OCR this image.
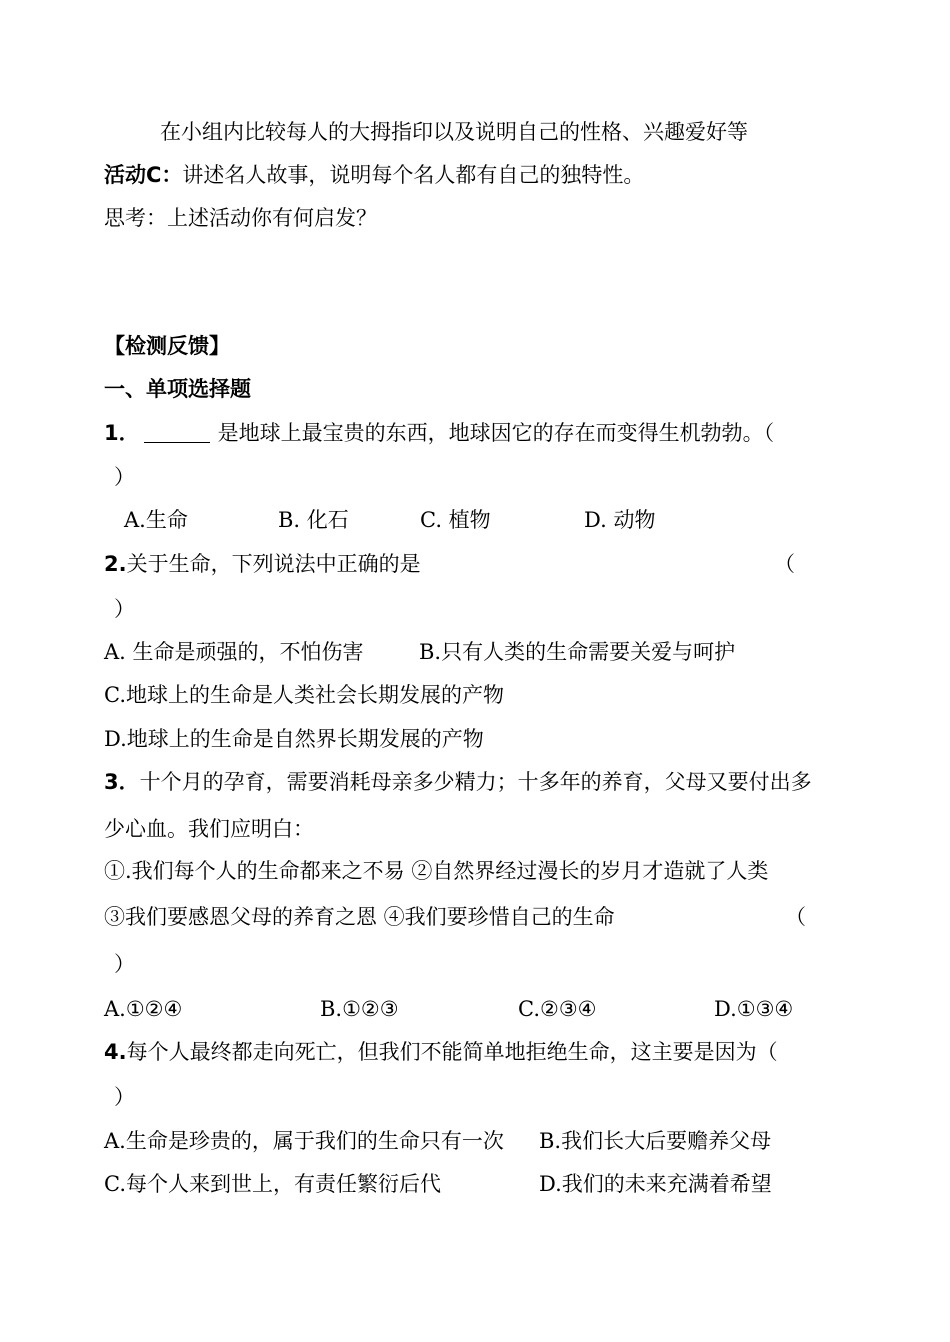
在小组内比较每人的大拇指印以及说明自己的性格、兴趣爱好等
活动C：讲述名人故事，说明每个名人都有自己的独特性。
思考：上述活动你有何启发？
【检测反馈】
一、单项选择题
1．	是地球上最宝贵的东西，地球因它的存在而变得生机勃勃。（
）
A.生命	B. 化石	C. 植物	D. 动物
2.关于生命，下列说法中正确的是	（
）
A. 生命是顽强的，不怕伤害	B.只有人类的生命需要关爱与呵护
C.地球上的生命是人类社会长期发展的产物
D.地球上的生命是自然界长期发展的产物
3．十个月的孕育，需要消耗母亲多少精力；十多年的养育，父母又要付出多
少心血。我们应明白：
①.我们每个人的生命都来之不易 ②自然界经过漫长的岁月才造就了人类
③我们要感恩父母的养育之恩 ④我们要珍惜自己的生命	（
）
A.①②④	B.①②③	C.②③④	D.①③④
4.每个人最终都走向死亡，但我们不能简单地拒绝生命，这主要是因为（
）
A.生命是珍贵的，属于我们的生命只有一次 B.我们长大后要赡养父母
C.每个人来到世上，有责任繁衍后代	D.我们的未来充满着希望
